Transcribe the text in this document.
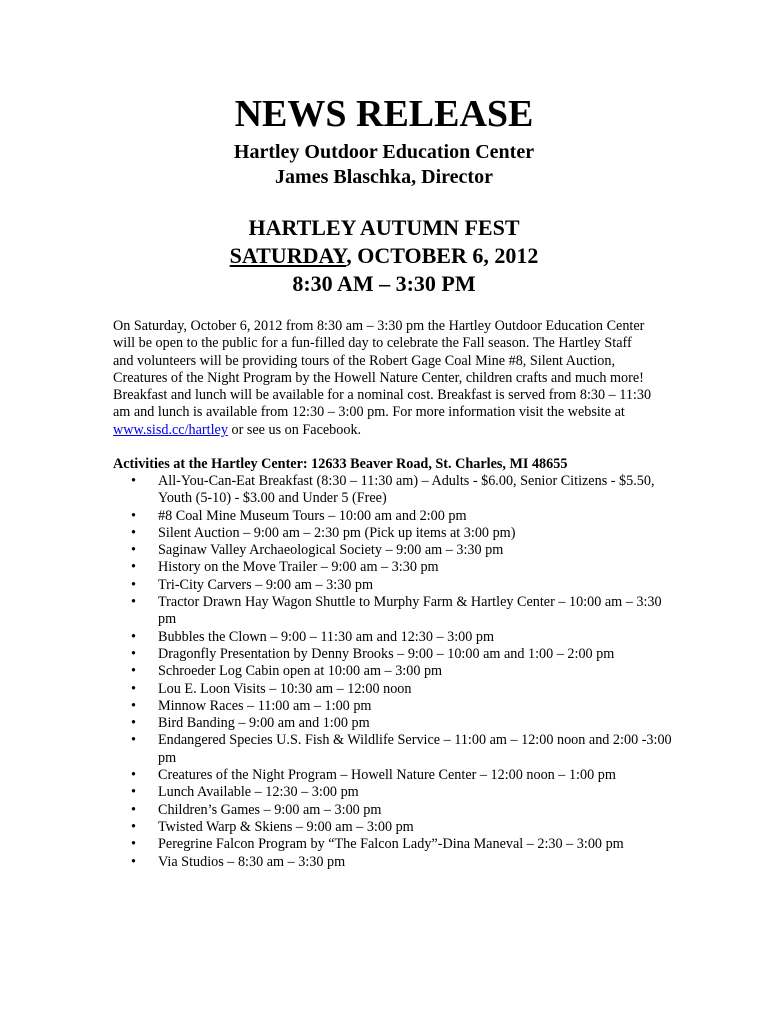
NEWS RELEASE
Hartley Outdoor Education Center
James Blaschka, Director
HARTLEY AUTUMN FEST
SATURDAY, OCTOBER 6, 2012
8:30 AM – 3:30 PM
On Saturday, October 6, 2012 from 8:30 am – 3:30 pm the Hartley Outdoor Education Center will be open to the public for a fun-filled day to celebrate the Fall season. The Hartley Staff and volunteers will be providing tours of the Robert Gage Coal Mine #8, Silent Auction, Creatures of the Night Program by the Howell Nature Center, children crafts and much more! Breakfast and lunch will be available for a nominal cost. Breakfast is served from 8:30 – 11:30 am and lunch is available from 12:30 – 3:00 pm. For more information visit the website at www.sisd.cc/hartley or see us on Facebook.
Activities at the Hartley Center: 12633 Beaver Road, St. Charles, MI 48655
• All-You-Can-Eat Breakfast (8:30 – 11:30 am) – Adults - $6.00, Senior Citizens - $5.50, Youth (5-10) - $3.00 and Under 5 (Free)
• #8 Coal Mine Museum Tours – 10:00 am and 2:00 pm
• Silent Auction – 9:00 am – 2:30 pm (Pick up items at 3:00 pm)
• Saginaw Valley Archaeological Society – 9:00 am – 3:30 pm
• History on the Move Trailer – 9:00 am – 3:30 pm
• Tri-City Carvers – 9:00 am – 3:30 pm
• Tractor Drawn Hay Wagon Shuttle to Murphy Farm & Hartley Center – 10:00 am – 3:30 pm
• Bubbles the Clown – 9:00 – 11:30 am and 12:30 – 3:00 pm
• Dragonfly Presentation by Denny Brooks – 9:00 – 10:00 am and 1:00 – 2:00 pm
• Schroeder Log Cabin open at 10:00 am – 3:00 pm
• Lou E. Loon Visits – 10:30 am – 12:00 noon
• Minnow Races – 11:00 am – 1:00 pm
• Bird Banding – 9:00 am and 1:00 pm
• Endangered Species U.S. Fish & Wildlife Service – 11:00 am – 12:00 noon and 2:00 -3:00 pm
• Creatures of the Night Program – Howell Nature Center – 12:00 noon – 1:00 pm
• Lunch Available – 12:30 – 3:00 pm
• Children’s Games – 9:00 am – 3:00 pm
• Twisted Warp & Skiens – 9:00 am – 3:00 pm
• Peregrine Falcon Program by “The Falcon Lady”-Dina Maneval – 2:30 – 3:00 pm
• Via Studios – 8:30 am – 3:30 pm
